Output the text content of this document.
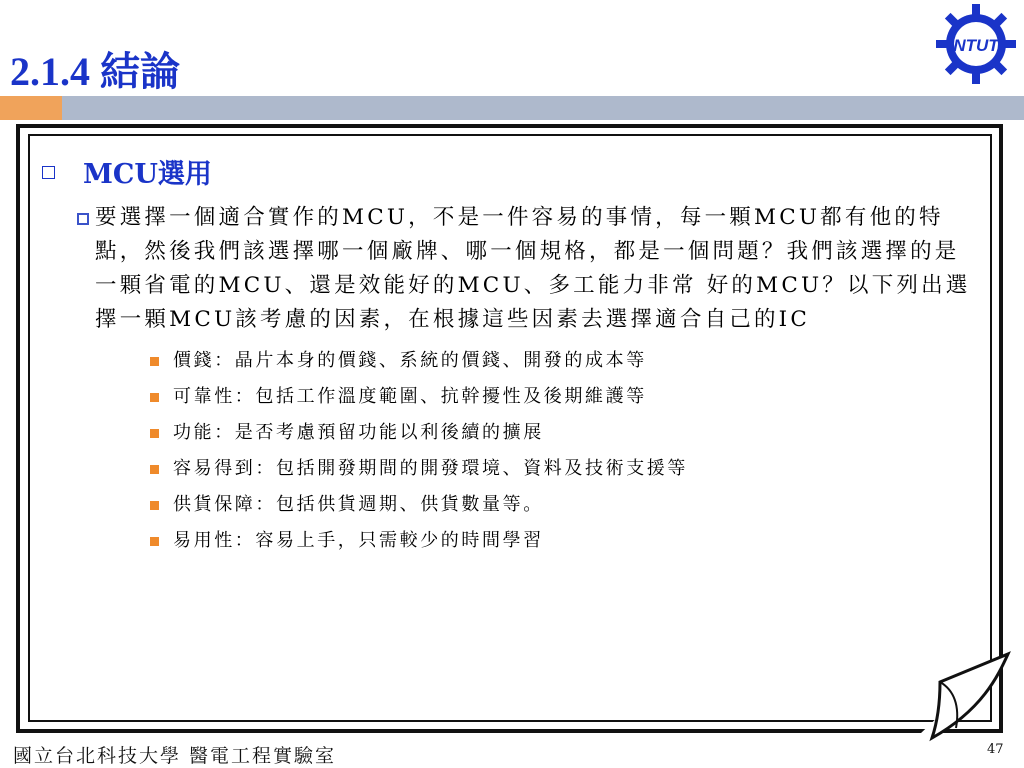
2.1.4 結論
NTUT
MCU選用
要選擇一個適合實作的MCU，不是一件容易的事情，每一顆MCU都有他的特點，然後我們該選擇哪一個廠牌、哪一個規格，都是一個問題？我們該選擇的是一顆省電的MCU、還是效能好的MCU、多工能力非常 好的MCU？以下列出選擇一顆MCU該考慮的因素，在根據這些因素去選擇適合自己的IC
價錢：晶片本身的價錢、系統的價錢、開發的成本等
可靠性：包括工作溫度範圍、抗幹擾性及後期維護等
功能：是否考慮預留功能以利後續的擴展
容易得到：包括開發期間的開發環境、資料及技術支援等
供貨保障：包括供貨週期、供貨數量等。
易用性：容易上手，只需較少的時間學習
國立台北科技大學 醫電工程實驗室	47
